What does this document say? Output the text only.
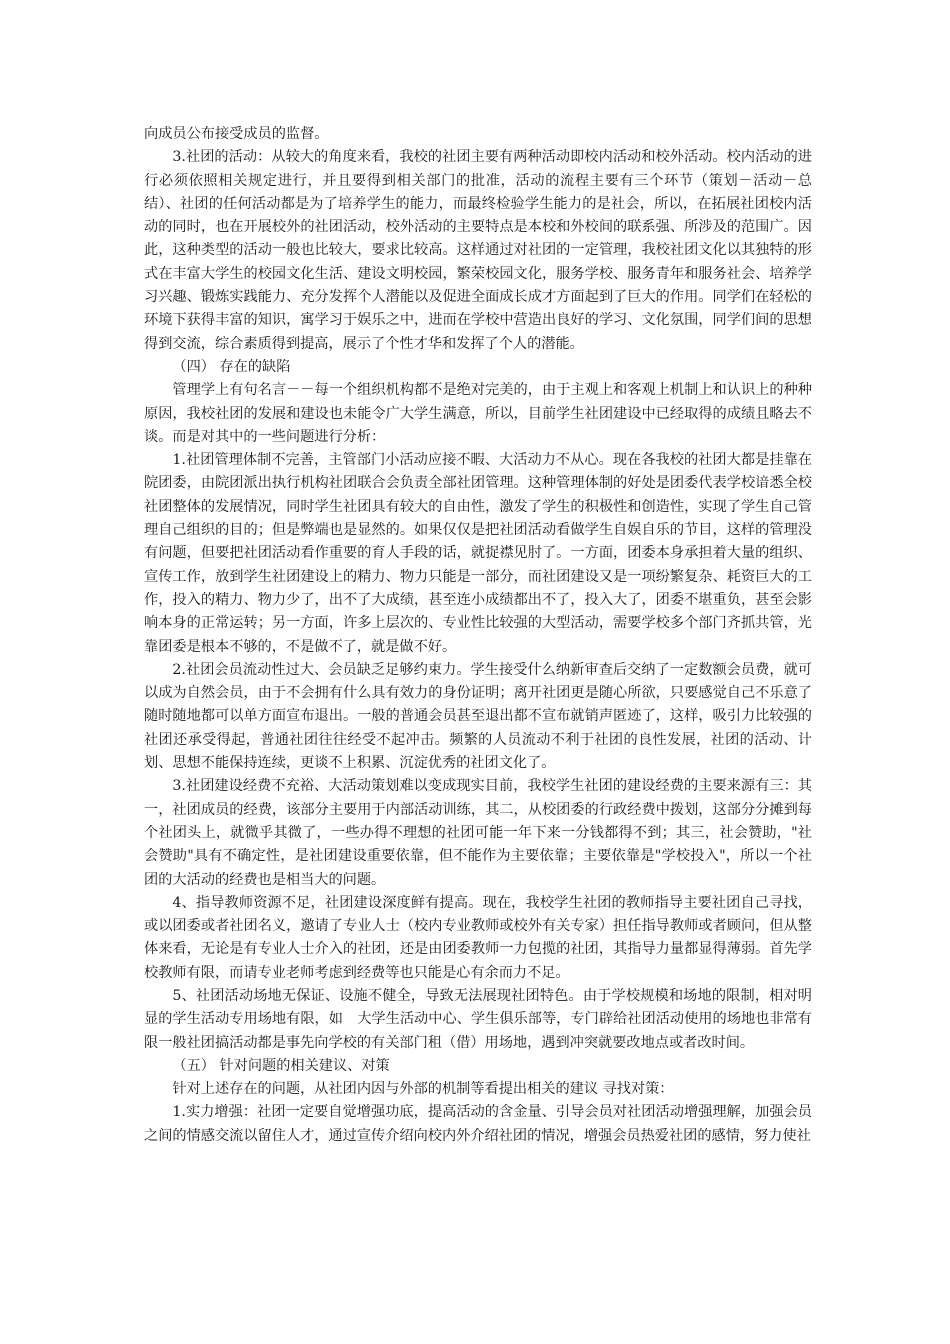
向成员公布接受成员的监督。

3.社团的活动：从较大的角度来看，我校的社团主要有两种活动即校内活动和校外活动。校内活动的进行必须依照相关规定进行，并且要得到相关部门的批准，活动的流程主要有三个环节（策划－活动－总结）、社团的任何活动都是为了培养学生的能力，而最终检验学生能力的是社会，所以，在拓展社团校内活动的同时，也在开展校外的社团活动，校外活动的主要特点是本校和外校间的联系强、所涉及的范围广。因此，这种类型的活动一般也比较大，要求比较高。这样通过对社团的一定管理，我校社团文化以其独特的形式在丰富大学生的校园文化生活、建设文明校园，繁荣校园文化，服务学校、服务青年和服务社会、培养学习兴趣、锻炼实践能力、充分发挥个人潜能以及促进全面成长成才方面起到了巨大的作用。同学们在轻松的环境下获得丰富的知识，寓学习于娱乐之中，进而在学校中营造出良好的学习、文化氛围，同学们间的思想得到交流，综合素质得到提高，展示了个性才华和发挥了个人的潜能。

（四） 存在的缺陷

管理学上有句名言－－每一个组织机构都不是绝对完美的，由于主观上和客观上机制上和认识上的种种原因，我校社团的发展和建设也未能令广大学生满意，所以，目前学生社团建设中已经取得的成绩且略去不谈。而是对其中的一些问题进行分析：

1.社团管理体制不完善，主管部门小活动应接不暇、大活动力不从心。现在各我校的社团大都是挂靠在院团委，由院团派出执行机构社团联合会负责全部社团管理。这种管理体制的好处是团委代表学校谙悉全校社团整体的发展情况，同时学生社团具有较大的自由性，激发了学生的积极性和创造性，实现了学生自己管理自己组织的目的；但是弊端也是显然的。如果仅仅是把社团活动看做学生自娱自乐的节目，这样的管理没有问题，但要把社团活动看作重要的育人手段的话，就捉襟见肘了。一方面，团委本身承担着大量的组织、宣传工作，放到学生社团建设上的精力、物力只能是一部分，而社团建设又是一项纷繁复杂、耗资巨大的工作，投入的精力、物力少了，出不了大成绩，甚至连小成绩都出不了，投入大了，团委不堪重负，甚至会影响本身的正常运转；另一方面，许多上层次的、专业性比较强的大型活动，需要学校多个部门齐抓共管，光靠团委是根本不够的，不是做不了，就是做不好。

2.社团会员流动性过大、会员缺乏足够约束力。学生接受什么纳新审查后交纳了一定数额会员费，就可以成为自然会员，由于不会拥有什么具有效力的身份证明；离开社团更是随心所欲，只要感觉自己不乐意了随时随地都可以单方面宣布退出。一般的普通会员甚至退出都不宣布就销声匿迹了，这样，吸引力比较强的社团还承受得起，普通社团往往经受不起冲击。频繁的人员流动不利于社团的良性发展，社团的活动、计划、思想不能保持连续，更谈不上积累、沉淀优秀的社团文化了。

3.社团建设经费不充裕、大活动策划难以变成现实目前，我校学生社团的建设经费的主要来源有三：其一，社团成员的经费，该部分主要用于内部活动训练，其二，从校团委的行政经费中拨划，这部分分摊到每个社团头上，就微乎其微了，一些办得不理想的社团可能一年下来一分钱都得不到；其三，社会赞助，"社会赞助"具有不确定性，是社团建设重要依靠，但不能作为主要依靠；主要依靠是"学校投入"，所以一个社团的大活动的经费也是相当大的问题。

4、指导教师资源不足，社团建设深度鲜有提高。现在，我校学生社团的教师指导主要社团自己寻找，或以团委或者社团名义，邀请了专业人士（校内专业教师或校外有关专家）担任指导教师或者顾问，但从整体来看，无论是有专业人士介入的社团，还是由团委教师一力包揽的社团，其指导力量都显得薄弱。首先学校教师有限，而请专业老师考虑到经费等也只能是心有余而力不足。

5、社团活动场地无保证、设施不健全，导致无法展现社团特色。由于学校规模和场地的限制，相对明显的学生活动专用场地有限，如　大学生活动中心、学生俱乐部等，专门辟给社团活动使用的场地也非常有限一般社团搞活动都是事先向学校的有关部门租（借）用场地，遇到冲突就要改地点或者改时间。

（五） 针对问题的相关建议、对策

针对上述存在的问题，从社团内因与外部的机制等看提出相关的建议 寻找对策：

1.实力增强：社团一定要自觉增强功底，提高活动的含金量、引导会员对社团活动增强理解，加强会员之间的情感交流以留住人才，通过宣传介绍向校内外介绍社团的情况，增强会员热爱社团的感情，努力使社
